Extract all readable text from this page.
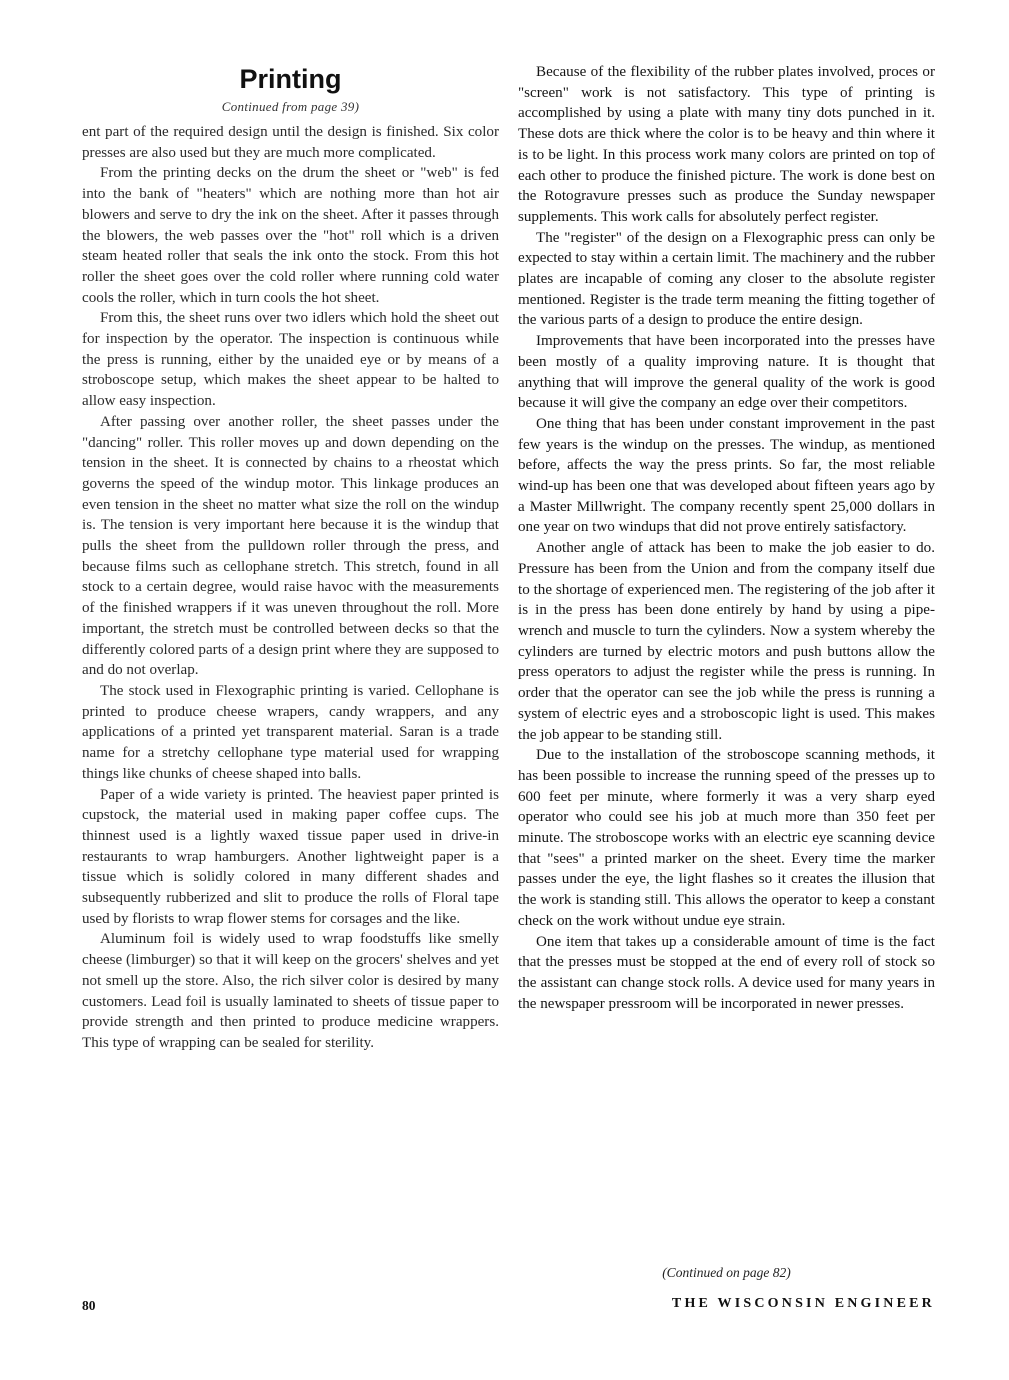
Printing
Continued from page 39)

ent part of the required design until the design is finished. Six color presses are also used but they are much more complicated.

From the printing decks on the drum the sheet or "web" is fed into the bank of "heaters" which are nothing more than hot air blowers and serve to dry the ink on the sheet. After it passes through the blowers, the web passes over the "hot" roll which is a driven steam heated roller that seals the ink onto the stock. From this hot roller the sheet goes over the cold roller where running cold water cools the roller, which in turn cools the hot sheet.

From this, the sheet runs over two idlers which hold the sheet out for inspection by the operator. The inspection is continuous while the press is running, either by the unaided eye or by means of a stroboscope setup, which makes the sheet appear to be halted to allow easy inspection.

After passing over another roller, the sheet passes under the "dancing" roller. This roller moves up and down depending on the tension in the sheet. It is connected by chains to a rheostat which governs the speed of the windup motor. This linkage produces an even tension in the sheet no matter what size the roll on the windup is. The tension is very important here because it is the windup that pulls the sheet from the pulldown roller through the press, and because films such as cellophane stretch. This stretch, found in all stock to a certain degree, would raise havoc with the measurements of the finished wrappers if it was uneven throughout the roll. More important, the stretch must be controlled between decks so that the differently colored parts of a design print where they are supposed to and do not overlap.

The stock used in Flexographic printing is varied. Cellophane is printed to produce cheese wrapers, candy wrappers, and any applications of a printed yet transparent material. Saran is a trade name for a stretchy cellophane type material used for wrapping things like chunks of cheese shaped into balls.

Paper of a wide variety is printed. The heaviest paper printed is cupstock, the material used in making paper coffee cups. The thinnest used is a lightly waxed tissue paper used in drive-in restaurants to wrap hamburgers. Another lightweight paper is a tissue which is solidly colored in many different shades and subsequently rubberized and slit to produce the rolls of Floral tape used by florists to wrap flower stems for corsages and the like.

Aluminum foil is widely used to wrap foodstuffs like smelly cheese (limburger) so that it will keep on the grocers' shelves and yet not smell up the store. Also, the rich silver color is desired by many customers. Lead foil is usually laminated to sheets of tissue paper to provide strength and then printed to produce medicine wrappers. This type of wrapping can be sealed for sterility.

Because of the flexibility of the rubber plates involved, proces or "screen" work is not satisfactory. This type of printing is accomplished by using a plate with many tiny dots punched in it. These dots are thick where the color is to be heavy and thin where it is to be light. In this process work many colors are printed on top of each other to produce the finished picture. The work is done best on the Rotogravure presses such as produce the Sunday newspaper supplements. This work calls for absolutely perfect register.

The "register" of the design on a Flexographic press can only be expected to stay within a certain limit. The machinery and the rubber plates are incapable of coming any closer to the absolute register mentioned. Register is the trade term meaning the fitting together of the various parts of a design to produce the entire design.

Improvements that have been incorporated into the presses have been mostly of a quality improving nature. It is thought that anything that will improve the general quality of the work is good because it will give the company an edge over their competitors.

One thing that has been under constant improvement in the past few years is the windup on the presses. The windup, as mentioned before, affects the way the press prints. So far, the most reliable wind-up has been one that was developed about fifteen years ago by a Master Millwright. The company recently spent 25,000 dollars in one year on two windups that did not prove entirely satisfactory.

Another angle of attack has been to make the job easier to do. Pressure has been from the Union and from the company itself due to the shortage of experienced men. The registering of the job after it is in the press has been done entirely by hand by using a pipe-wrench and muscle to turn the cylinders. Now a system whereby the cylinders are turned by electric motors and push buttons allow the press operators to adjust the register while the press is running. In order that the operator can see the job while the press is running a system of electric eyes and a stroboscopic light is used. This makes the job appear to be standing still.

Due to the installation of the stroboscope scanning methods, it has been possible to increase the running speed of the presses up to 600 feet per minute, where formerly it was a very sharp eyed operator who could see his job at much more than 350 feet per minute. The stroboscope works with an electric eye scanning device that "sees" a printed marker on the sheet. Every time the marker passes under the eye, the light flashes so it creates the illusion that the work is standing still. This allows the operator to keep a constant check on the work without undue eye strain.

One item that takes up a considerable amount of time is the fact that the presses must be stopped at the end of every roll of stock so the assistant can change stock rolls. A device used for many years in the newspaper pressroom will be incorporated in newer presses.

(Continued on page 82)
80	THE WISCONSIN ENGINEER
